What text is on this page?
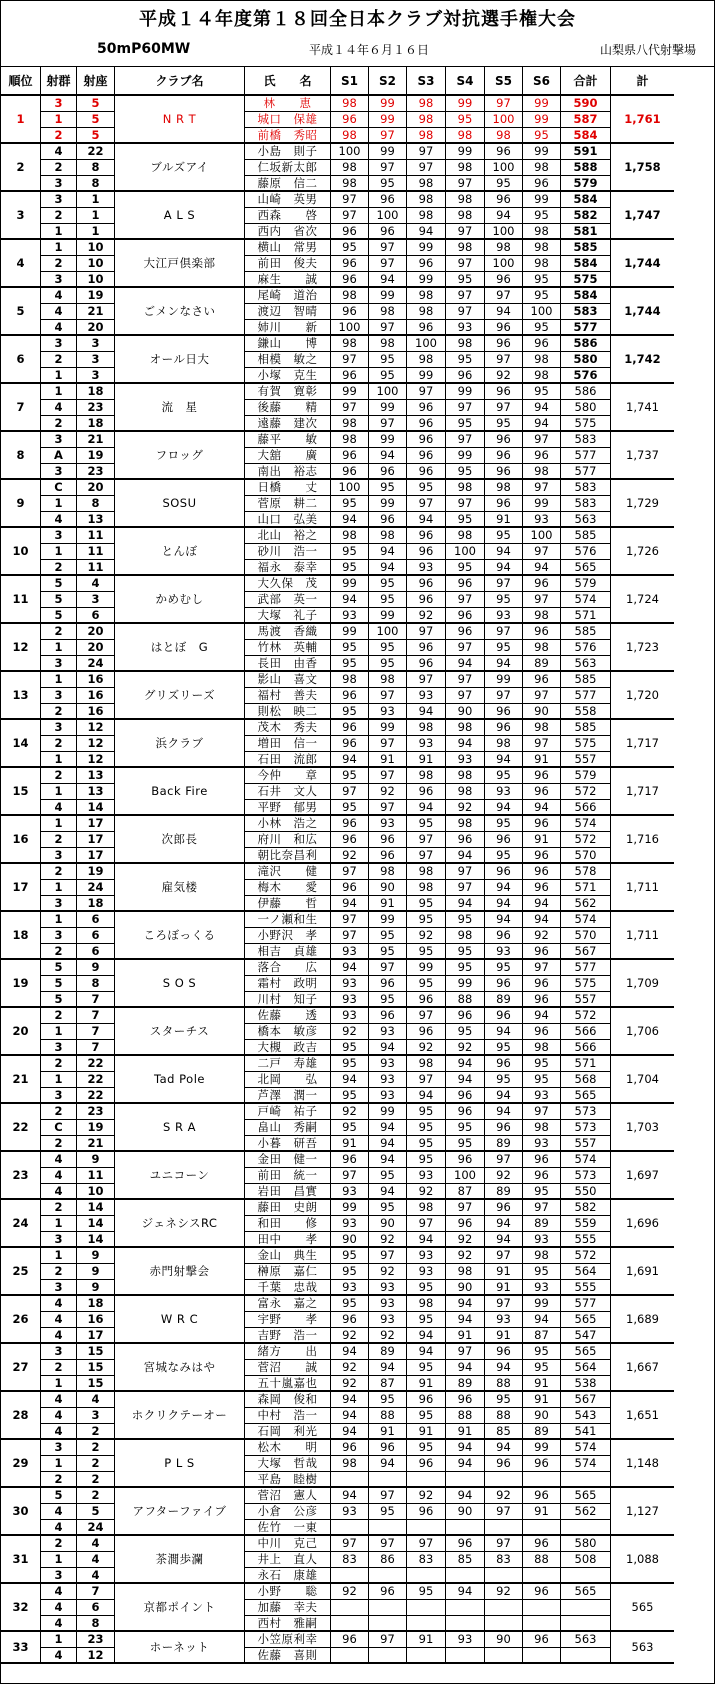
平成１４年度第１８回全日本クラブ対抗選手権大会
50mP60MW	平成１４年６月１６日	山梨県八代射撃場
順位	射群	射座	クラブ名	氏　　名	S1	S2	S3	S4	S5	S6	合計	計
1	N R T	1,761
3	5	林　　恵	98	99	98	99	97	99	590
1	5	城口　保雄	96	99	98	95	100	99	587
2	5	前橋　秀昭	98	97	98	98	98	95	584
2	ブルズアイ	1,758
4	22	小島　則子	100	99	97	99	96	99	591
2	8	仁坂新太郎	98	97	97	98	100	98	588
3	8	藤原　信二	98	95	98	97	95	96	579
3	A L S	1,747
3	1	山崎　英男	97	96	98	98	96	99	584
2	1	西森　　啓	97	100	98	98	94	95	582
1	1	西内　省次	96	96	94	97	100	98	581
4	大江戸倶楽部	1,744
1	10	横山　常男	95	97	99	98	98	98	585
2	10	前田　俊夫	96	97	96	97	100	98	584
3	10	麻生　　誠	96	94	99	95	96	95	575
5	ごメンなさい	1,744
4	19	尾崎　道治	98	99	98	97	97	95	584
4	21	渡辺　智晴	96	98	98	97	94	100	583
4	20	姉川　　新	100	97	96	93	96	95	577
6	オール日大	1,742
3	3	鎌山　　博	98	98	100	98	96	96	586
2	3	相模　敏之	97	95	98	95	97	98	580
1	3	小塚　克生	96	95	99	96	92	98	576
7	流　星	1,741
1	18	有賀　寛彰	99	100	97	99	96	95	586
4	23	後藤　　精	97	99	96	97	97	94	580
2	18	遠藤　建次	98	97	96	95	95	94	575
8	フロッグ	1,737
3	21	藤平　　敏	98	99	96	97	96	97	583
A	19	大舘　　廣	96	94	96	99	96	96	577
3	23	南出　裕志	96	96	96	95	96	98	577
9	SOSU	1,729
C	20	日橋　　丈	100	95	95	98	98	97	583
1	8	菅原　耕二	95	99	97	97	96	99	583
4	13	山口　弘美	94	96	94	95	91	93	563
10	とんぼ	1,726
3	11	北山　裕之	98	98	96	98	95	100	585
1	11	砂川　浩一	95	94	96	100	94	97	576
2	11	福永　泰幸	95	94	93	95	94	94	565
11	かめむし	1,724
5	4	大久保　茂	99	95	96	96	97	96	579
5	3	武部　英一	94	95	96	97	95	97	574
5	6	大塚　礼子	93	99	92	96	93	98	571
12	はとぼ　G	1,723
2	20	馬渡　香織	99	100	97	96	97	96	585
1	20	竹林　英輔	95	95	96	97	95	98	576
3	24	長田　由香	95	95	96	94	94	89	563
13	グリズリーズ	1,720
1	16	影山　喜文	98	98	97	97	99	96	585
3	16	福村　善夫	96	97	93	97	97	97	577
2	16	則松　映二	95	93	94	90	96	90	558
14	浜クラブ	1,717
3	12	茂木　秀夫	96	99	98	98	96	98	585
2	12	増田　信一	96	97	93	94	98	97	575
1	12	石田　流郎	94	91	91	93	94	91	557
15	Back Fire	1,717
2	13	今仲　　章	95	97	98	98	95	96	579
1	13	石井　文人	97	92	96	98	93	96	572
4	14	平野　郁男	95	97	94	92	94	94	566
16	次郎長	1,716
1	17	小林　浩之	96	93	95	98	95	96	574
2	17	府川　和広	96	96	97	96	96	91	572
3	17	朝比奈昌利	92	96	97	94	95	96	570
17	雇気楼	1,711
2	19	滝沢　　健	97	98	98	97	96	96	578
1	24	梅木　　愛	96	90	98	97	94	96	571
3	18	伊藤　　哲	94	91	95	94	94	94	562
18	ころぼっくる	1,711
1	6	一ノ瀬和生	97	99	95	95	94	94	574
3	6	小野沢　孝	97	95	92	98	96	92	570
2	6	相吉　貞雄	93	95	95	95	93	96	567
19	S O S	1,709
5	9	落合　　広	94	97	99	95	95	97	577
5	8	霜村　政明	93	96	95	99	96	96	575
5	7	川村　知子	93	95	96	88	89	96	557
20	スターチス	1,706
2	7	佐藤　　透	93	96	97	96	96	94	572
1	7	橋本　敏彦	92	93	96	95	94	96	566
3	7	大槻　政吉	95	94	92	92	95	98	566
21	Tad Pole	1,704
2	22	二戸　寿雄	95	93	98	94	96	95	571
1	22	北岡　　弘	94	93	97	94	95	95	568
3	22	芦澤　潤一	95	93	94	96	94	93	565
22	S R A	1,703
2	23	戸崎　祐子	92	99	95	96	94	97	573
C	19	畠山　秀嗣	95	94	95	95	96	98	573
2	21	小暮　研吾	91	94	95	95	89	93	557
23	ユニコーン	1,697
4	9	金田　健一	96	94	95	96	97	96	574
4	11	前田　統一	97	95	93	100	92	96	573
4	10	岩田　昌實	93	94	92	87	89	95	550
24	ジェネシスRC	1,696
2	14	藤田　史朗	99	95	98	97	96	97	582
1	14	和田　　修	93	90	97	96	94	89	559
3	14	田中　　孝	90	92	94	92	94	93	555
25	赤門射撃会	1,691
1	9	金山　典生	95	97	93	92	97	98	572
2	9	榊原　嘉仁	95	92	93	98	91	95	564
3	9	千葉　忠哉	93	93	95	90	91	93	555
26	W R C	1,689
4	18	富永　嘉之	95	93	98	94	97	99	577
4	16	宇野　　孝	96	93	95	94	93	94	565
4	17	吉野　浩一	92	92	94	91	91	87	547
27	宮城なみはや	1,667
3	15	緒方　　出	94	89	94	97	96	95	565
2	15	菅沼　　誠	92	94	95	94	94	95	564
1	15	五十嵐嘉也	92	87	91	89	88	91	538
28	ホクリクテーオー	1,651
4	4	森岡　俊和	94	95	96	96	95	91	567
4	3	中村　浩一	94	88	95	88	88	90	543
4	2	石岡　利光	94	91	91	91	85	89	541
29	P L S	1,148
3	2	松木　　明	96	96	95	94	94	99	574
1	2	大塚　哲哉	98	94	96	94	96	96	574
2	2	平島　睦樹
30	アフターファイブ	1,127
5	2	菅沼　憲人	94	97	92	94	92	96	565
4	5	小倉　公彦	93	95	96	90	97	91	562
4	24	佐竹　一東
31	茶澗歩瀾	1,088
2	4	中川　克己	97	97	97	96	97	96	580
1	4	井上　直人	83	86	83	85	83	88	508
3	4	永石　康雄
32	京都ポイント	565
4	7	小野　　聡	92	96	95	94	92	96	565
4	6	加藤　幸夫
4	8	西村　雅嗣
33	ホーネット	563
1	23	小笠原利幸	96	97	91	93	90	96	563
4	12	佐藤　喜則
